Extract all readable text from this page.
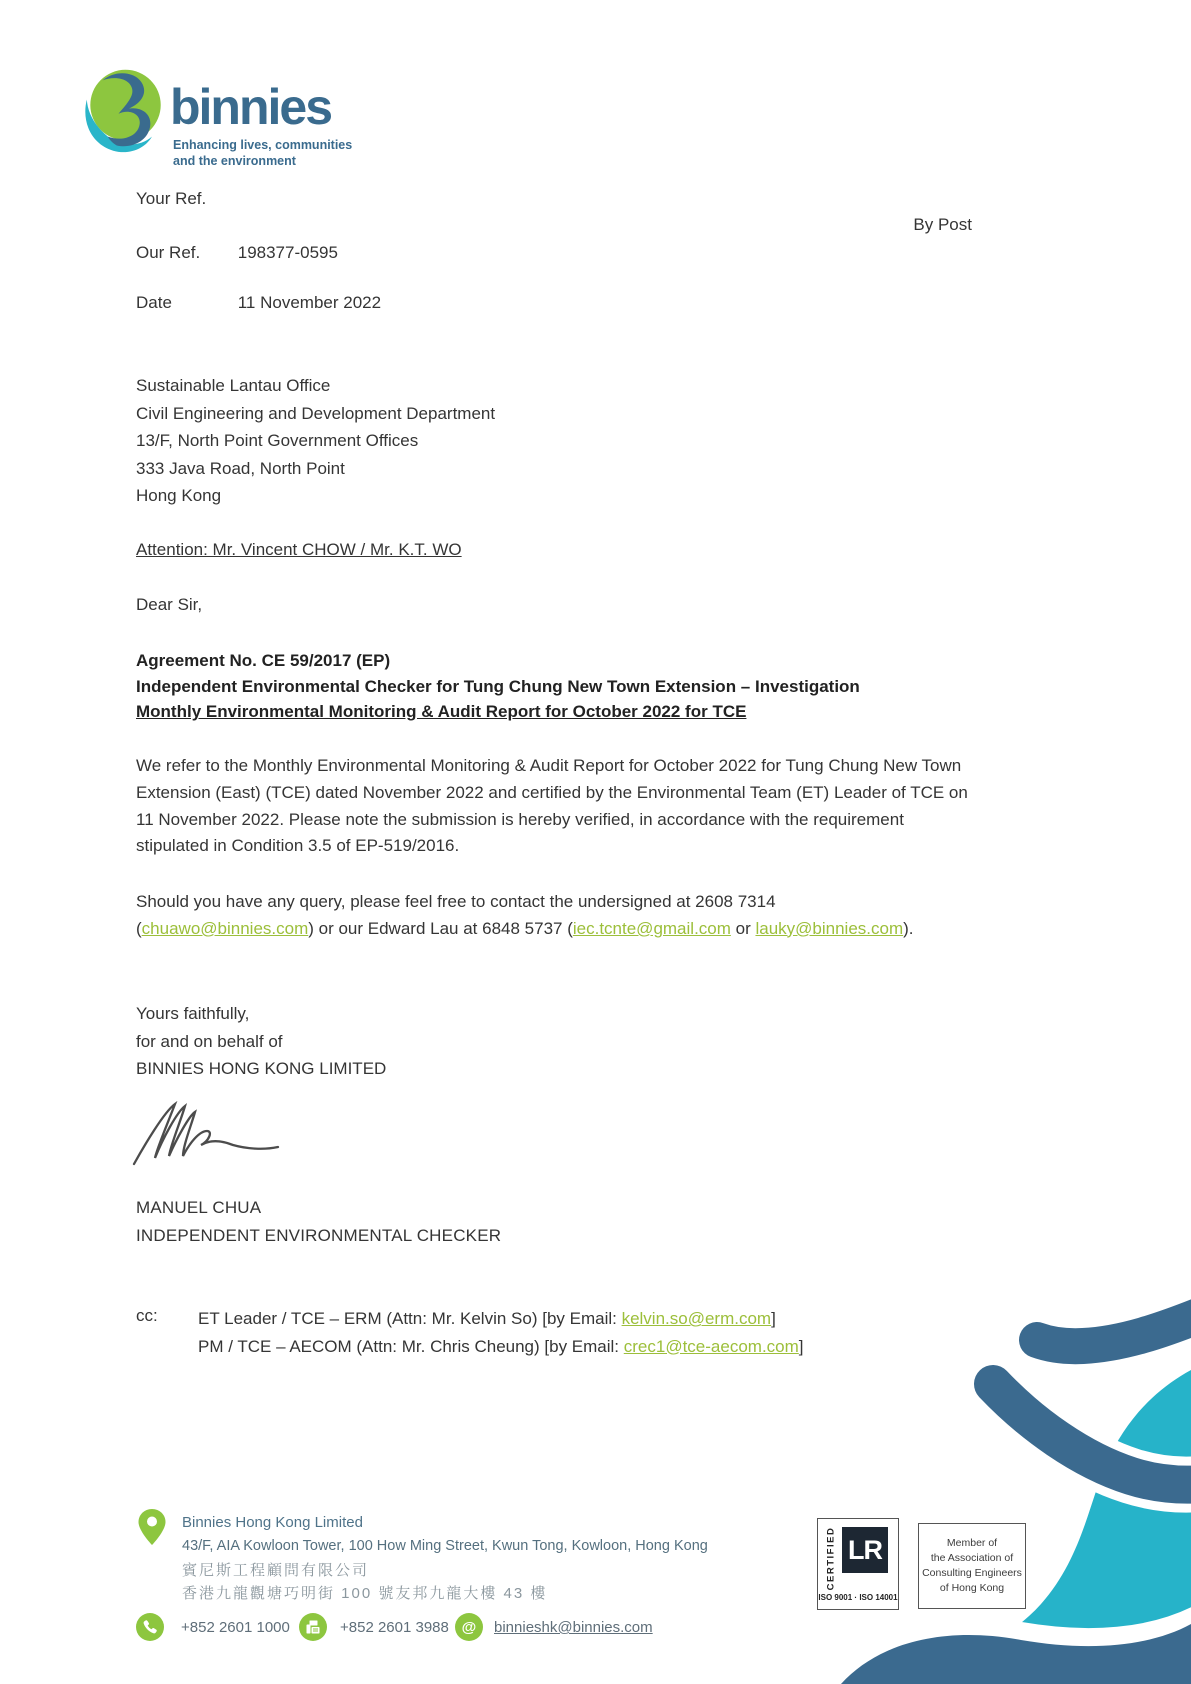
binnies
Enhancing lives, communities
and the environment
Your Ref.
By Post
Our Ref. 198377-0595
Date	11 November 2022
Sustainable Lantau Office
Civil Engineering and Development Department
13/F, North Point Government Offices
333 Java Road, North Point
Hong Kong
Attention: Mr. Vincent CHOW / Mr. K.T. WO
Dear Sir,
Agreement No. CE 59/2017 (EP)
Independent Environmental Checker for Tung Chung New Town Extension – Investigation
Monthly Environmental Monitoring & Audit Report for October 2022 for TCE
We refer to the Monthly Environmental Monitoring & Audit Report for October 2022 for Tung Chung New Town Extension (East) (TCE) dated November 2022 and certified by the Environmental Team (ET) Leader of TCE on 11 November 2022. Please note the submission is hereby verified, in accordance with the requirement stipulated in Condition 3.5 of EP-519/2016.
Should you have any query, please feel free to contact the undersigned at 2608 7314
(chuawo@binnies.com) or our Edward Lau at 6848 5737 (iec.tcnte@gmail.com or lauky@binnies.com).
Yours faithfully,
for and on behalf of
BINNIES HONG KONG LIMITED
MANUEL CHUA
INDEPENDENT ENVIRONMENTAL CHECKER
cc: ET Leader / TCE – ERM (Attn: Mr. Kelvin So) [by Email: kelvin.so@erm.com]
PM / TCE – AECOM (Attn: Mr. Chris Cheung) [by Email: crec1@tce-aecom.com]
Binnies Hong Kong Limited
43/F, AIA Kowloon Tower, 100 How Ming Street, Kwun Tong, Kowloon, Hong Kong
賓尼斯工程顧問有限公司
香港九龍觀塘巧明街 100 號友邦九龍大樓 43 樓
+852 2601 1000	+852 2601 3988 @	binnieshk@binnies.com
CERTIFIED LR
ISO 9001 · ISO 14001
Member of
the Association of
Consulting Engineers
of Hong Kong
